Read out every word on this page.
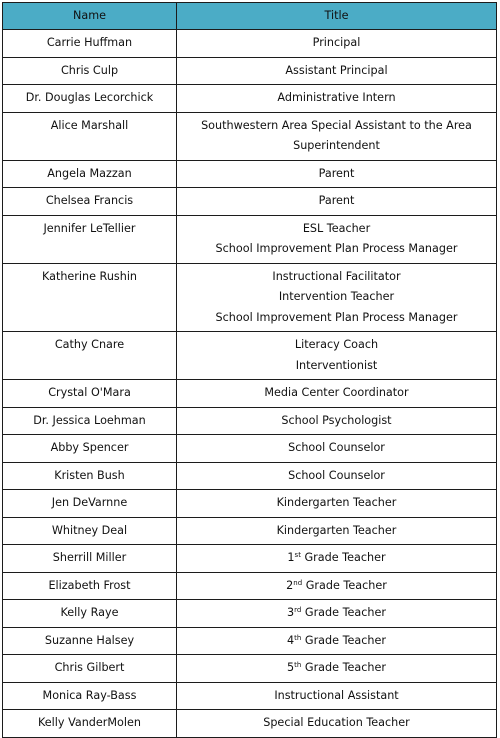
Name	Title
Carrie Huffman	Principal

Chris Culp	Assistant Principal

Dr. Douglas Lecorchick	Administrative Intern

Alice Marshall	Southwestern Area Special Assistant to the Area
Superintendent

Angela Mazzan	Parent

Chelsea Francis	Parent

Jennifer LeTellier	ESL Teacher
School Improvement Plan Process Manager

Katherine Rushin	Instructional Facilitator
Intervention Teacher
School Improvement Plan Process Manager

Cathy Cnare	Literacy Coach
Interventionist

Crystal O'Mara	Media Center Coordinator

Dr. Jessica Loehman	School Psychologist

Abby Spencer	School Counselor

Kristen Bush	School Counselor

Jen DeVarnne	Kindergarten Teacher

Whitney Deal	Kindergarten Teacher

Sherrill Miller	1st Grade Teacher

Elizabeth Frost	2nd Grade Teacher

Kelly Raye	3rd Grade Teacher

Suzanne Halsey	4th Grade Teacher

Chris Gilbert	5th Grade Teacher

Monica Ray-Bass	Instructional Assistant

Kelly VanderMolen	Special Education Teacher
